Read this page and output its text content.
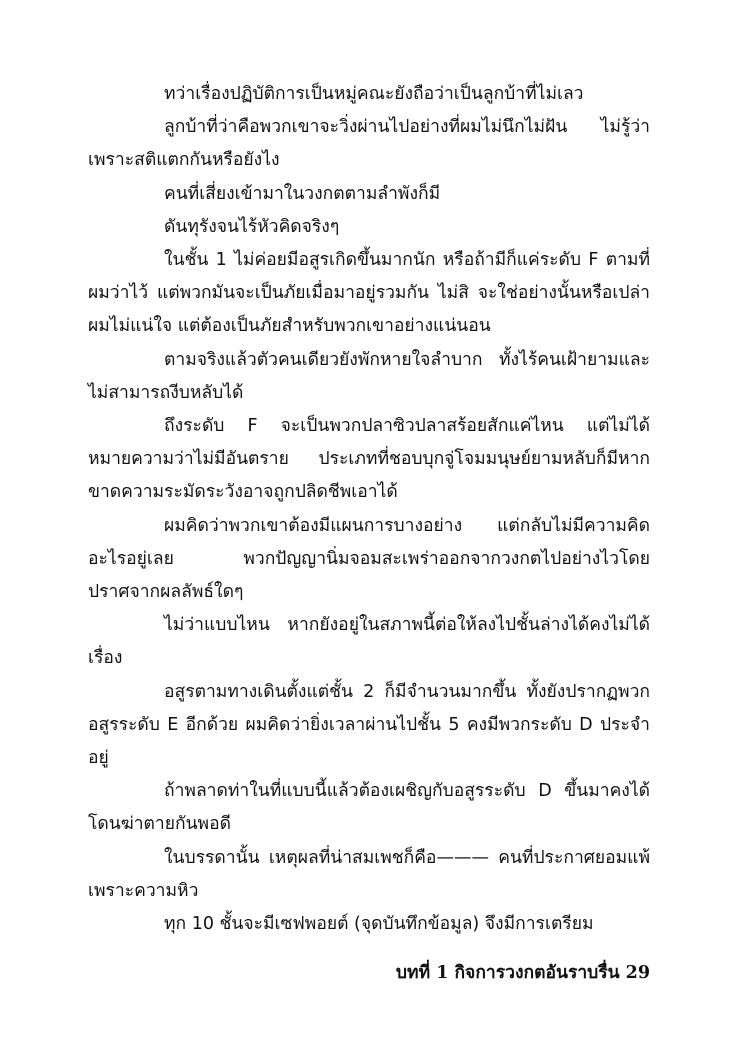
ทว่าเรื่องปฏิบัติการเป็นหมู่คณะยังถือว่าเป็นลูกบ้าที่ไม่เลว

ลูกบ้าที่ว่าคือพวกเขาจะวิ่งผ่านไปอย่างที่ผมไม่นึกไม่ฝัน ไม่รู้ว่าเพราะสติแตกกันหรือยังไง

คนที่เสี่ยงเข้ามาในวงกตตามลำพังก็มี

ดันทุรังจนไร้หัวคิดจริงๆ

ในชั้น 1 ไม่ค่อยมีอสูรเกิดขึ้นมากนัก หรือถ้ามีก็แค่ระดับ F ตามที่ผมว่าไว้ แต่พวกมันจะเป็นภัยเมื่อมาอยู่รวมกัน ไม่สิ จะใช่อย่างนั้นหรือเปล่าผมไม่แน่ใจ แต่ต้องเป็นภัยสำหรับพวกเขาอย่างแน่นอน

ตามจริงแล้วตัวคนเดียวยังพักหายใจลำบาก ทั้งไร้คนเฝ้ายามและไม่สามารถงีบหลับได้

ถึงระดับ F จะเป็นพวกปลาซิวปลาสร้อยสักแค่ไหน แต่ไม่ได้หมายความว่าไม่มีอันตราย ประเภทที่ชอบบุกจู่โจมมนุษย์ยามหลับก็มีหากขาดความระมัดระวังอาจถูกปลิดชีพเอาได้

ผมคิดว่าพวกเขาต้องมีแผนการบางอย่าง แต่กลับไม่มีความคิดอะไรอยู่เลย พวกปัญญานิ่มจอมสะเพร่าออกจากวงกตไปอย่างไวโดยปราศจากผลลัพธ์ใดๆ

ไม่ว่าแบบไหน หากยังอยู่ในสภาพนี้ต่อให้ลงไปชั้นล่างได้คงไม่ได้เรื่อง

อสูรตามทางเดินตั้งแต่ชั้น 2 ก็มีจำนวนมากขึ้น ทั้งยังปรากฏพวกอสูรระดับ E อีกด้วย ผมคิดว่ายิ่งเวลาผ่านไปชั้น 5 คงมีพวกระดับ D ประจำอยู่

ถ้าพลาดท่าในที่แบบนี้แล้วต้องเผชิญกับอสูรระดับ D ขึ้นมาคงได้โดนฆ่าตายกันพอดี

ในบรรดานั้น เหตุผลที่น่าสมเพชก็คือ——— คนที่ประกาศยอมแพ้เพราะความหิว

ทุก 10 ชั้นจะมีเซฟพอยต์ (จุดบันทึกข้อมูล) จึงมีการเตรียม

บทที่ 1 กิจการวงกตอันราบรื่น 29
